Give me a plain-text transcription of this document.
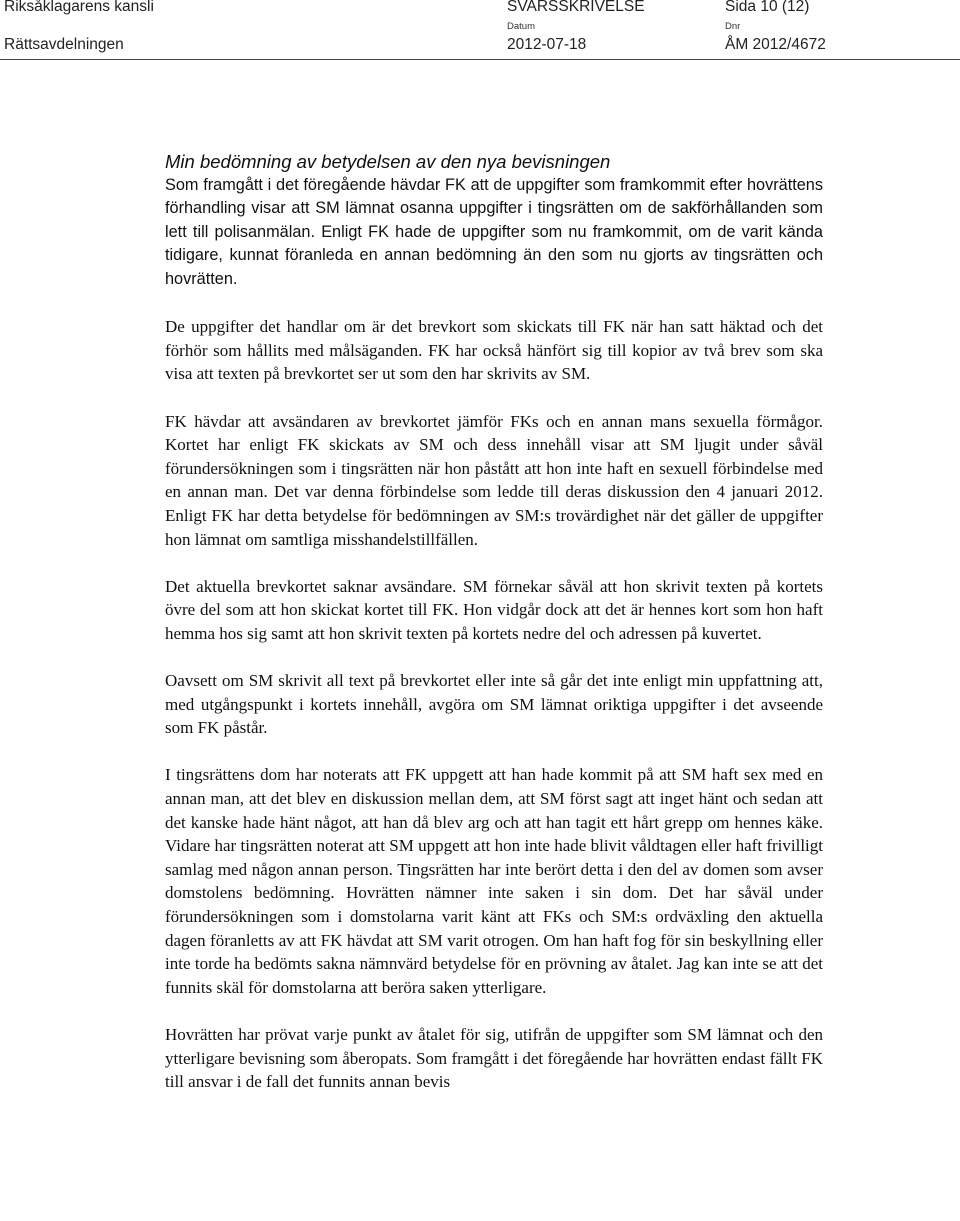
Riksåklagarens kansli
Rättsavdelningen
SVARSSKRIVELSE	Sida 10 (12)
Datum	Dnr
2012-07-18	ÅM 2012/4672
Min bedömning av betydelsen av den nya bevisningen

Som framgått i det föregående hävdar FK att de uppgifter som framkommit efter hovrättens förhandling visar att SM lämnat osanna uppgifter i tingsrätten om de sakförhållanden som lett till polisanmälan. Enligt FK hade de uppgifter som nu framkommit, om de varit kända tidigare, kunnat föranleda en annan bedömning än den som nu gjorts av tingsrätten och hovrätten.

De uppgifter det handlar om är det brevkort som skickats till FK när han satt häktad och det förhör som hållits med målsäganden. FK har också hänfört sig till kopior av två brev som ska visa att texten på brevkortet ser ut som den har skrivits av SM.

FK hävdar att avsändaren av brevkortet jämför FKs och en annan mans sexuella förmågor. Kortet har enligt FK skickats av SM och dess innehåll visar att SM ljugit under såväl förundersökningen som i tingsrätten när hon påstått att hon inte haft en sexuell förbindelse med en annan man. Det var denna förbindelse som ledde till deras diskussion den 4 januari 2012. Enligt FK har detta betydelse för bedömningen av SM:s trovärdighet när det gäller de uppgifter hon lämnat om samtliga misshandelstillfällen.

Det aktuella brevkortet saknar avsändare. SM förnekar såväl att hon skrivit texten på kortets övre del som att hon skickat kortet till FK. Hon vidgår dock att det är hennes kort som hon haft hemma hos sig samt att hon skrivit texten på kortets nedre del och adressen på kuvertet.

Oavsett om SM skrivit all text på brevkortet eller inte så går det inte enligt min uppfattning att, med utgångspunkt i kortets innehåll, avgöra om SM lämnat oriktiga uppgifter i det avseende som FK påstår.

I tingsrättens dom har noterats att FK uppgett att han hade kommit på att SM haft sex med en annan man, att det blev en diskussion mellan dem, att SM först sagt att inget hänt och sedan att det kanske hade hänt något, att han då blev arg och att han tagit ett hårt grepp om hennes käke. Vidare har tingsrätten noterat att SM uppgett att hon inte hade blivit våldtagen eller haft frivilligt samlag med någon annan person. Tingsrätten har inte berört detta i den del av domen som avser domstolens bedömning. Hovrätten nämner inte saken i sin dom. Det har såväl under förundersökningen som i domstolarna varit känt att FKs och SM:s ordväxling den aktuella dagen föranletts av att FK hävdat att SM varit otrogen. Om han haft fog för sin beskyllning eller inte torde ha bedömts sakna nämnvärd betydelse för en prövning av åtalet. Jag kan inte se att det funnits skäl för domstolarna att beröra saken ytterligare.

Hovrätten har prövat varje punkt av åtalet för sig, utifrån de uppgifter som SM lämnat och den ytterligare bevisning som åberopats. Som framgått i det föregående har hovrätten endast fällt FK till ansvar i de fall det funnits annan bevis
